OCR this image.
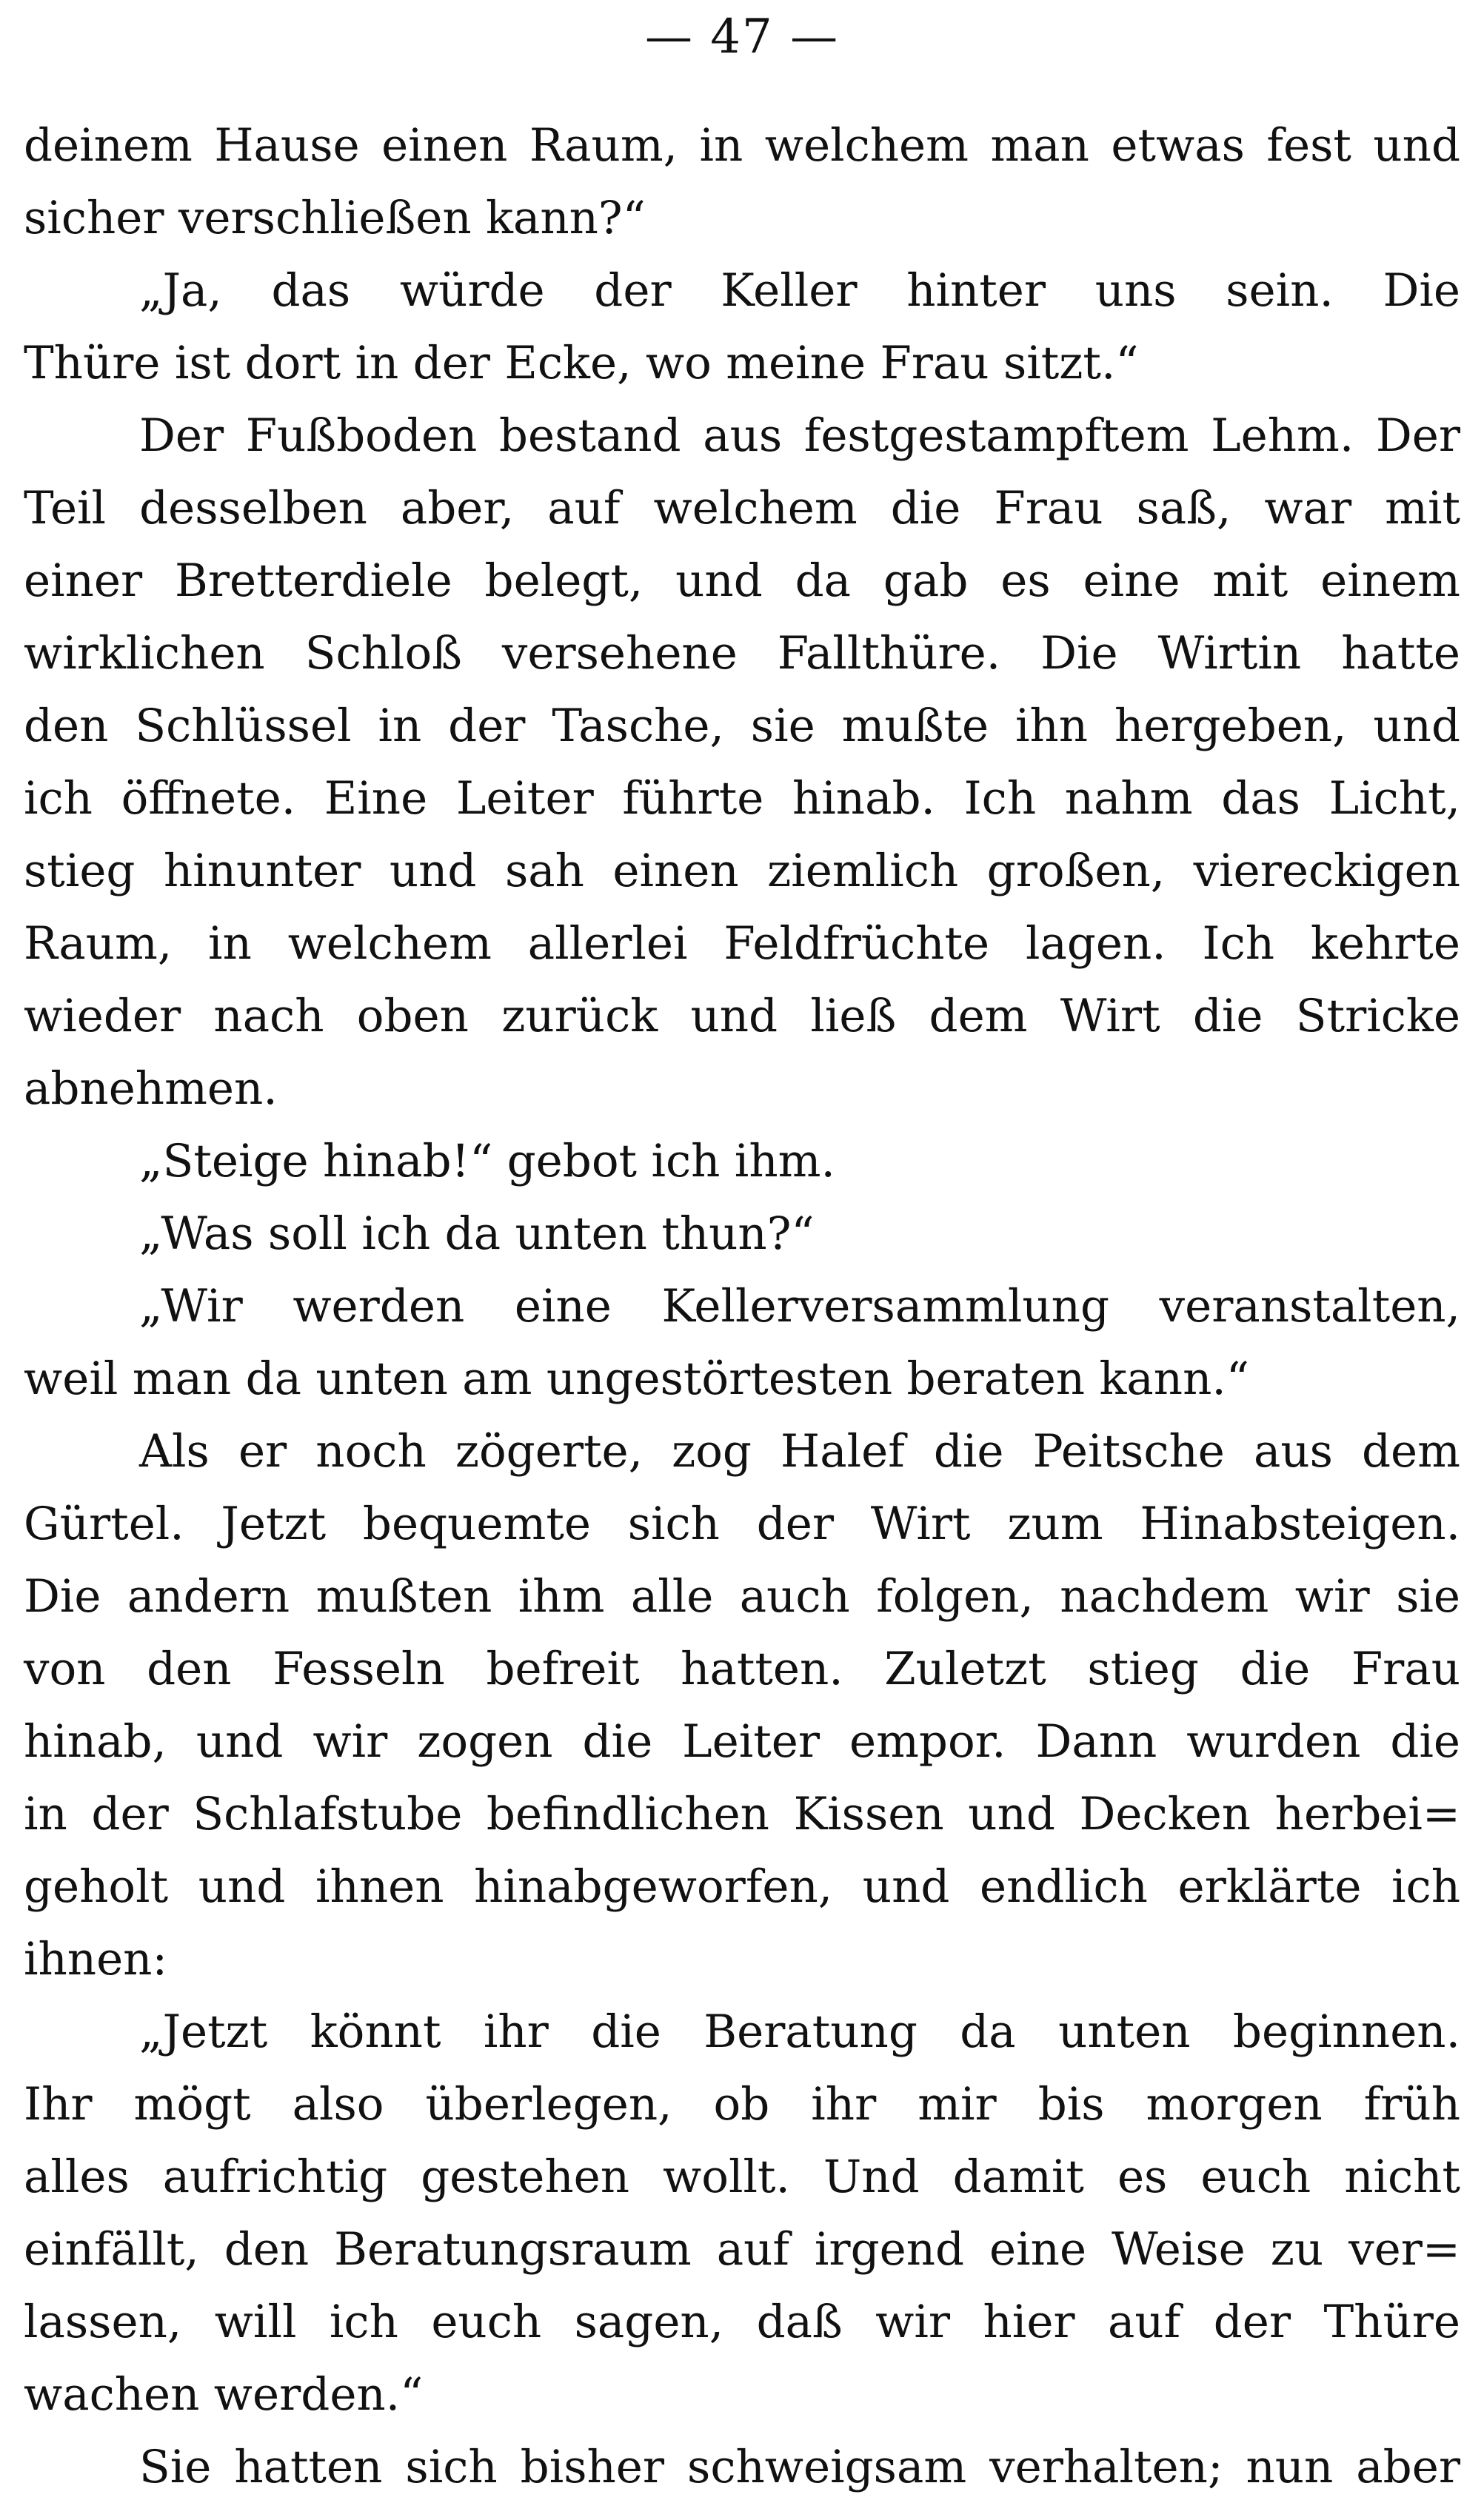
— 47 —
deinem Hause einen Raum, in welchem man etwas fest und
sicher verschließen kann?“
„Ja, das würde der Keller hinter uns sein. Die
Thüre ist dort in der Ecke, wo meine Frau sitzt.“
Der Fußboden bestand aus festgestampftem Lehm. Der
Teil desselben aber, auf welchem die Frau saß, war mit
einer Bretterdiele belegt, und da gab es eine mit einem
wirklichen Schloß versehene Fallthüre. Die Wirtin hatte
den Schlüssel in der Tasche, sie mußte ihn hergeben, und
ich öffnete. Eine Leiter führte hinab. Ich nahm das Licht,
stieg hinunter und sah einen ziemlich großen, viereckigen
Raum, in welchem allerlei Feldfrüchte lagen. Ich kehrte
wieder nach oben zurück und ließ dem Wirt die Stricke
abnehmen.
„Steige hinab!“ gebot ich ihm.
„Was soll ich da unten thun?“
„Wir werden eine Kellerversammlung veranstalten,
weil man da unten am ungestörtesten beraten kann.“
Als er noch zögerte, zog Halef die Peitsche aus dem
Gürtel. Jetzt bequemte sich der Wirt zum Hinabsteigen.
Die andern mußten ihm alle auch folgen, nachdem wir sie
von den Fesseln befreit hatten. Zuletzt stieg die Frau
hinab, und wir zogen die Leiter empor. Dann wurden die
in der Schlafstube befindlichen Kissen und Decken herbei=
geholt und ihnen hinabgeworfen, und endlich erklärte ich
ihnen:
„Jetzt könnt ihr die Beratung da unten beginnen.
Ihr mögt also überlegen, ob ihr mir bis morgen früh
alles aufrichtig gestehen wollt. Und damit es euch nicht
einfällt, den Beratungsraum auf irgend eine Weise zu ver=
lassen, will ich euch sagen, daß wir hier auf der Thüre
wachen werden.“
Sie hatten sich bisher schweigsam verhalten; nun aber
